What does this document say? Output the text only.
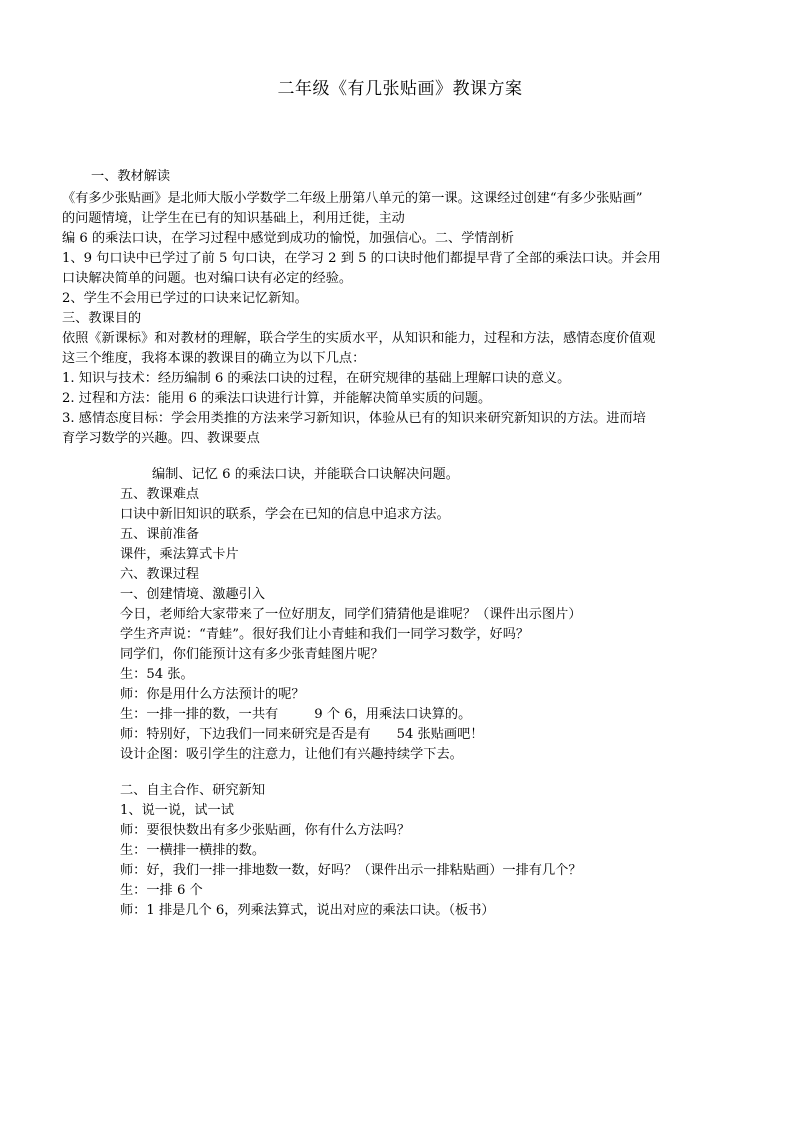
二年级《有几张贴画》教课方案
一、教材解读
《有多少张贴画》是北师大版小学数学二年级上册第八单元的第一课。这课经过创建“有多少张贴画”
的问题情境，让学生在已有的知识基础上，利用迁徙，主动
编 6 的乘法口诀，在学习过程中感觉到成功的愉悦，加强信心。二、学情剖析
1、9 句口诀中已学过了前 5 句口诀，在学习 2 到 5 的口诀时他们都提早背了全部的乘法口诀。并会用
口诀解决简单的问题。也对编口诀有必定的经验。
2、学生不会用已学过的口诀来记忆新知。
三、教课目的
依照《新课标》和对教材的理解，联合学生的实质水平，从知识和能力，过程和方法，感情态度价值观
这三个维度，我将本课的教课目的确立为以下几点：
1. 知识与技术：经历编制 6 的乘法口诀的过程，在研究规律的基础上理解口诀的意义。
2. 过程和方法：能用 6 的乘法口诀进行计算，并能解决简单实质的问题。
3. 感情态度目标：学会用类推的方法来学习新知识，体验从已有的知识来研究新知识的方法。进而培
育学习数学的兴趣。四、教课要点
编制、记忆 6 的乘法口诀，并能联合口诀解决问题。
五、教课难点
口诀中新旧知识的联系，学会在已知的信息中追求方法。
五、课前准备
课件，乘法算式卡片
六、教课过程
一、创建情境、激趣引入
今日，老师给大家带来了一位好朋友，同学们猜猜他是谁呢？（课件出示图片）
学生齐声说：“青蛙”。很好我们让小青蛙和我们一同学习数学，好吗？
同学们，你们能预计这有多少张青蛙图片呢？
生：54 张。
师：你是用什么方法预计的呢？
生：一排一排的数，一共有	9 个 6，用乘法口诀算的。
师：特别好，下边我们一同来研究是否是有 54 张贴画吧！
设计企图：吸引学生的注意力，让他们有兴趣持续学下去。
二、自主合作、研究新知
1、说一说，试一试
师：要很快数出有多少张贴画，你有什么方法吗？
生：一横排一横排的数。
师：好，我们一排一排地数一数，好吗？（课件出示一排粘贴画）一排有几个？
生：一排 6 个
师：1 排是几个 6，列乘法算式，说出对应的乘法口诀。（板书）
